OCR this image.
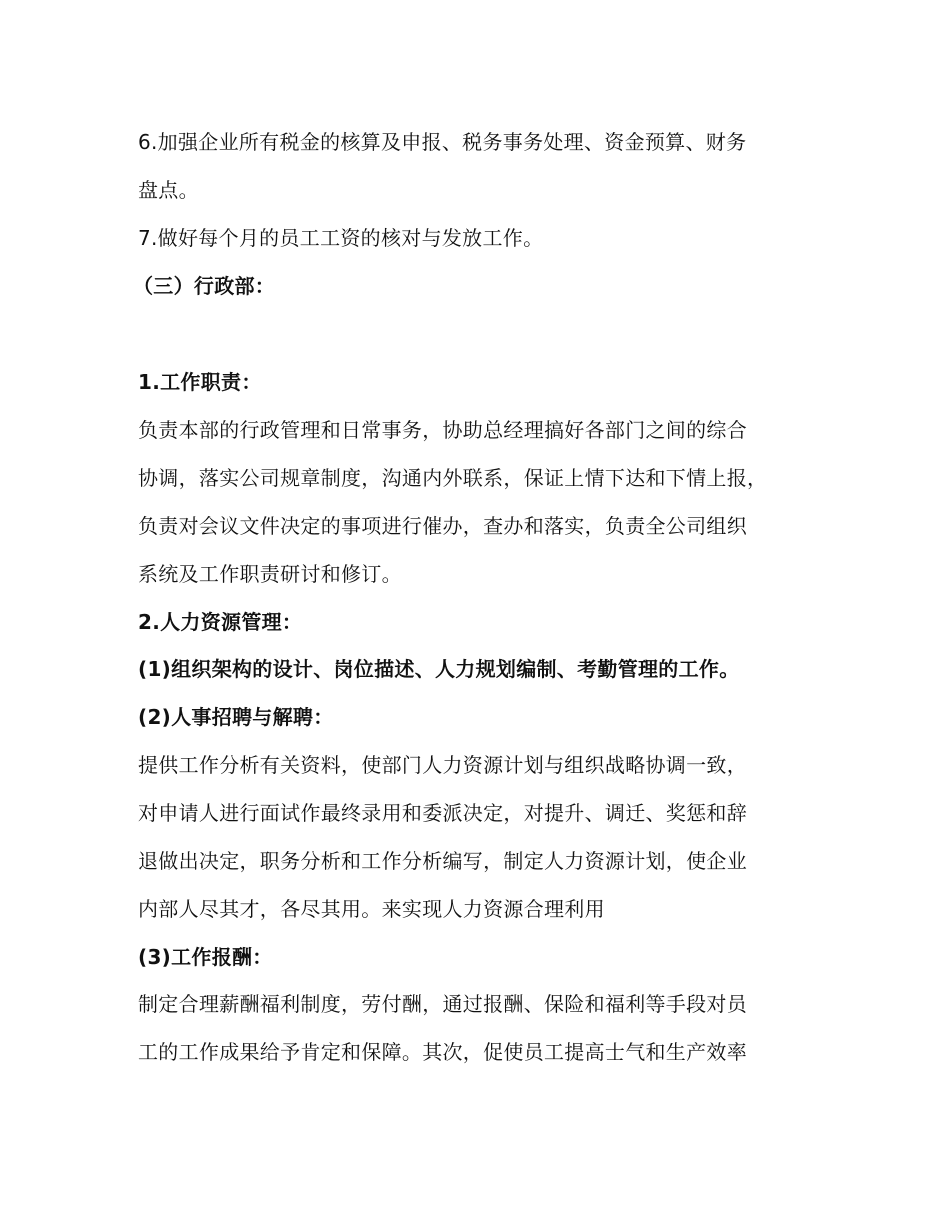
6.加强企业所有税金的核算及申报、税务事务处理、资金预算、财务
盘点。
7.做好每个月的员工工资的核对与发放工作。
（三）行政部：
1.工作职责：
负责本部的行政管理和日常事务，协助总经理搞好各部门之间的综合
协调，落实公司规章制度，沟通内外联系，保证上情下达和下情上报，
负责对会议文件决定的事项进行催办，查办和落实，负责全公司组织
系统及工作职责研讨和修订。
2.人力资源管理：
(1)组织架构的设计、岗位描述、人力规划编制、考勤管理的工作。
(2)人事招聘与解聘：
提供工作分析有关资料，使部门人力资源计划与组织战略协调一致，
对申请人进行面试作最终录用和委派决定，对提升、调迁、奖惩和辞
退做出决定，职务分析和工作分析编写，制定人力资源计划，使企业
内部人尽其才，各尽其用。来实现人力资源合理利用
(3)工作报酬：
制定合理薪酬福利制度，劳付酬，通过报酬、保险和福利等手段对员
工的工作成果给予肯定和保障。其次，促使员工提高士气和生产效率
